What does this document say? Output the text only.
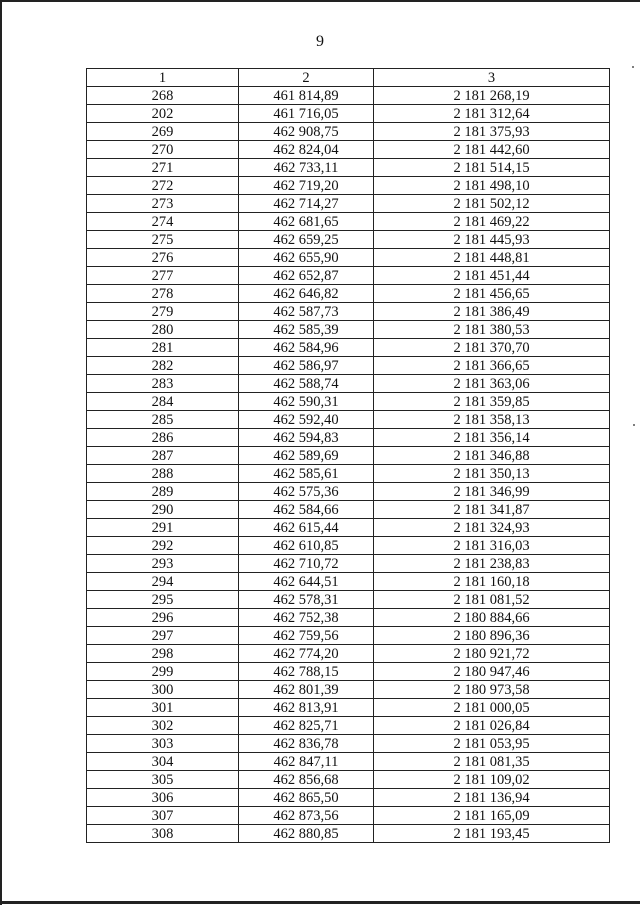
9
1	2	3
268	461 814,89	2 181 268,19
202	461 716,05	2 181 312,64
269	462 908,75	2 181 375,93
270	462 824,04	2 181 442,60
271	462 733,11	2 181 514,15
272	462 719,20	2 181 498,10
273	462 714,27	2 181 502,12
274	462 681,65	2 181 469,22
275	462 659,25	2 181 445,93
276	462 655,90	2 181 448,81
277	462 652,87	2 181 451,44
278	462 646,82	2 181 456,65
279	462 587,73	2 181 386,49
280	462 585,39	2 181 380,53
281	462 584,96	2 181 370,70
282	462 586,97	2 181 366,65
283	462 588,74	2 181 363,06
284	462 590,31	2 181 359,85
285	462 592,40	2 181 358,13
286	462 594,83	2 181 356,14
287	462 589,69	2 181 346,88
288	462 585,61	2 181 350,13
289	462 575,36	2 181 346,99
290	462 584,66	2 181 341,87
291	462 615,44	2 181 324,93
292	462 610,85	2 181 316,03
293	462 710,72	2 181 238,83
294	462 644,51	2 181 160,18
295	462 578,31	2 181 081,52
296	462 752,38	2 180 884,66
297	462 759,56	2 180 896,36
298	462 774,20	2 180 921,72
299	462 788,15	2 180 947,46
300	462 801,39	2 180 973,58
301	462 813,91	2 181 000,05
302	462 825,71	2 181 026,84
303	462 836,78	2 181 053,95
304	462 847,11	2 181 081,35
305	462 856,68	2 181 109,02
306	462 865,50	2 181 136,94
307	462 873,56	2 181 165,09
308	462 880,85	2 181 193,45
